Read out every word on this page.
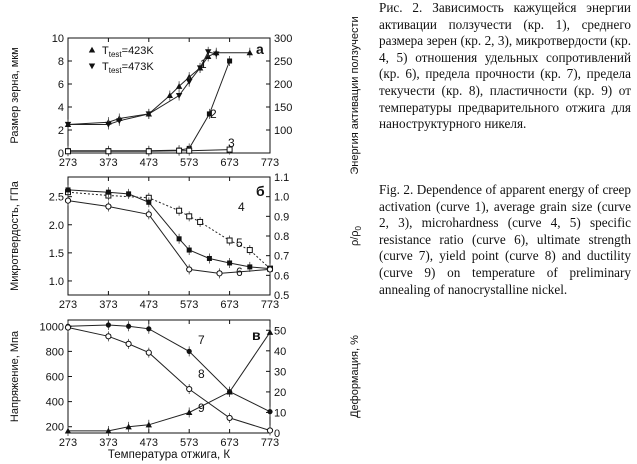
273 373 473 573 673 773
0
2
4
6
8
10
100
150
200
250
300
Размер зерна, мкм	Энергия активации ползучести
а
1
2
3
$T_{test}=423K$
$T_{test}=473K$
273 373 473 573 673 773
1.0
1.5
2.0
2.5
0.5
0.6
0.7
0.8
0.9
1.0
1.1
Микротвердость, ГПа	$\rho/\rho_0$
б
4
5
6
273 373 473 573 673 773
200
400
600
800
1000
0
10
20
30
40
50
Напряжение, Мпа	Деформация, %
в
7
8
9
Температура отжига, К
Рис. 2. Зависимость кажущейся энергии активации ползучести (кр. 1), среднего размера зерен (кр. 2, 3), микротвердости (кр. 4, 5) отношения удельных сопротивлений (кр. 6), предела прочности (кр. 7), предела текучести (кр. 8), пластичности (кр. 9) от температуры предварительного отжига для наноструктурного никеля.
Fig. 2. Dependence of apparent energy of creep activation (curve 1), average grain size (curve 2, 3), microhardness (curve 4, 5) specific resistance ratio (curve 6), ultimate strength (curve 7), yield point (curve 8) and ductility (curve 9) on temperature of preliminary annealing of nanocrystalline nickel.
